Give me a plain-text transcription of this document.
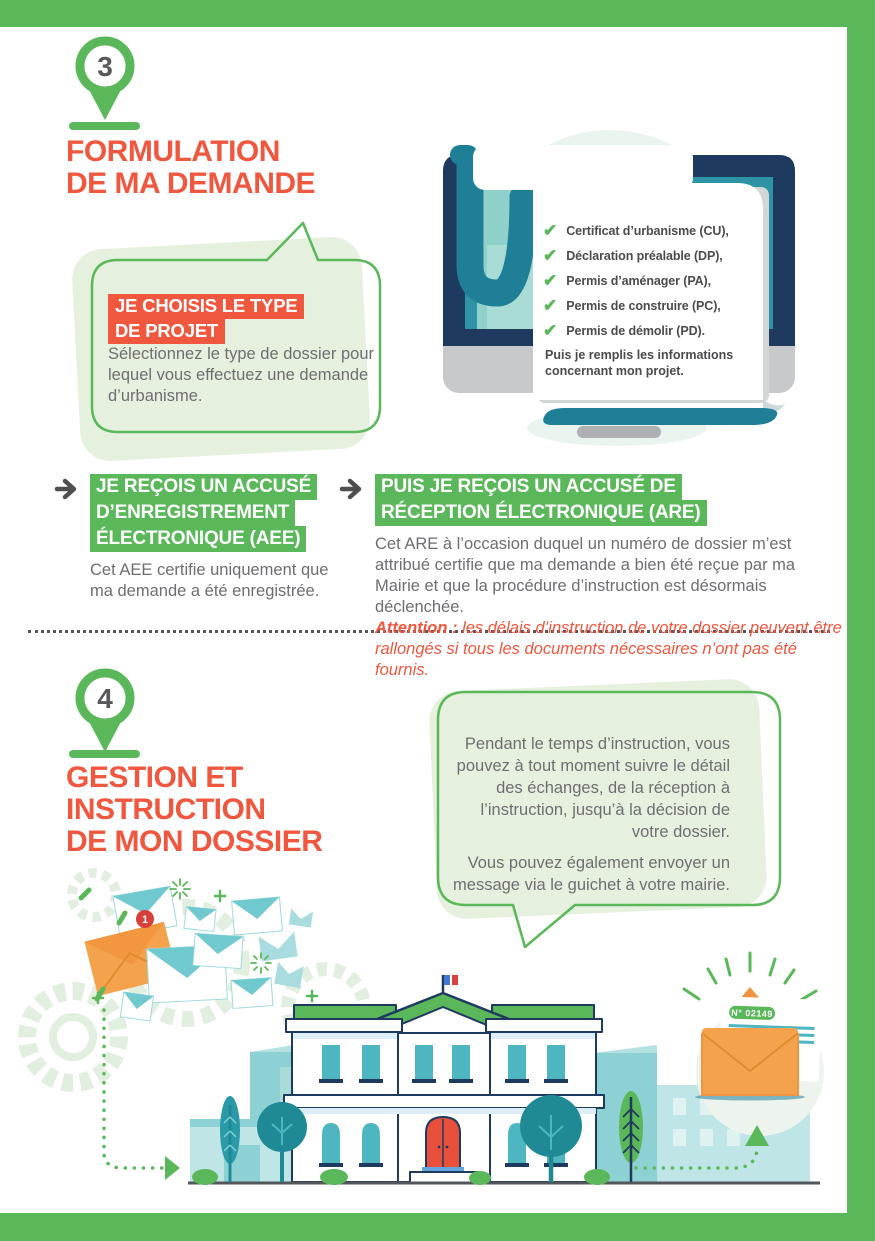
3
FORMULATION
DE MA DEMANDE
JE CHOISIS LE TYPE
DE PROJET
Sélectionnez le type de dossier pour lequel vous effectuez une demande d’urbanisme.
✔ Certificat d’urbanisme (CU),
✔ Déclaration préalable (DP),
✔ Permis d’aménager (PA),
✔ Permis de construire (PC),
✔ Permis de démolir (PD).
Puis je remplis les informations concernant mon projet.
JE REÇOIS UN ACCUSÉ
D’ENREGISTREMENT
ÉLECTRONIQUE (AEE)
Cet AEE certifie uniquement que ma demande a été enregistrée.
PUIS JE REÇOIS UN ACCUSÉ DE
RÉCEPTION ÉLECTRONIQUE (ARE)
Cet ARE à l’occasion duquel un numéro de dossier m’est attribué certifie que ma demande a bien été reçue par ma Mairie et que la procédure d’instruction est désormais déclenchée.
Attention : les délais d’instruction de votre dossier peuvent être rallongés si tous les documents nécessaires n’ont pas été fournis.
4
GESTION ET
INSTRUCTION
DE MON DOSSIER
Pendant le temps d’instruction, vous pouvez à tout moment suivre le détail des échanges, de la réception à l’instruction, jusqu’à la décision de votre dossier.
Vous pouvez également envoyer un message via le guichet à votre mairie.
1
N° 02149
